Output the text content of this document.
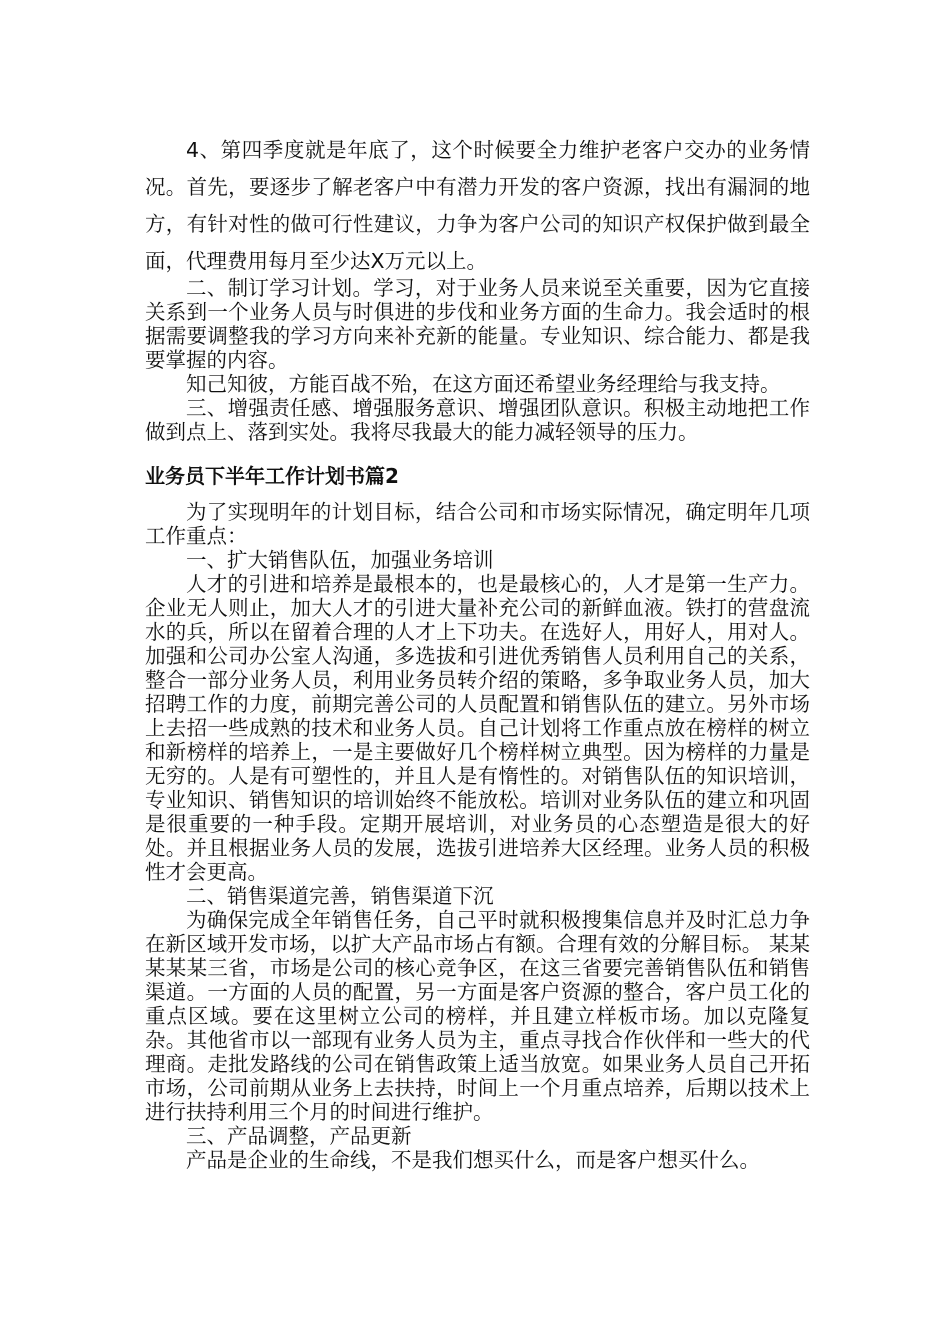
4、第四季度就是年底了，这个时候要全力维护老客户交办的业务情况。首先，要逐步了解老客户中有潜力开发的客户资源，找出有漏洞的地方，有针对性的做可行性建议，力争为客户公司的知识产权保护做到最全面，代理费用每月至少达X万元以上。

二、制订学习计划。学习，对于业务人员来说至关重要，因为它直接关系到一个业务人员与时俱进的步伐和业务方面的生命力。我会适时的根据需要调整我的学习方向来补充新的能量。专业知识、综合能力、都是我要掌握的内容。

知己知彼，方能百战不殆，在这方面还希望业务经理给与我支持。

三、增强责任感、增强服务意识、增强团队意识。积极主动地把工作做到点上、落到实处。我将尽我最大的能力减轻领导的压力。

业务员下半年工作计划书篇2

为了实现明年的计划目标，结合公司和市场实际情况，确定明年几项工作重点：

一、扩大销售队伍，加强业务培训

人才的引进和培养是最根本的，也是最核心的，人才是第一生产力。企业无人则止，加大人才的引进大量补充公司的新鲜血液。铁打的营盘流水的兵，所以在留着合理的人才上下功夫。在选好人，用好人，用对人。加强和公司办公室人沟通，多选拔和引进优秀销售人员利用自己的关系，整合一部分业务人员，利用业务员转介绍的策略，多争取业务人员，加大招聘工作的力度，前期完善公司的人员配置和销售队伍的建立。另外市场上去招一些成熟的技术和业务人员。自己计划将工作重点放在榜样的树立和新榜样的培养上，一是主要做好几个榜样树立典型。因为榜样的力量是无穷的。人是有可塑性的，并且人是有惰性的。对销售队伍的知识培训，专业知识、销售知识的培训始终不能放松。培训对业务队伍的建立和巩固是很重要的一种手段。定期开展培训，对业务员的心态塑造是很大的好处。并且根据业务人员的发展，选拔引进培养大区经理。业务人员的积极性才会更高。

二、销售渠道完善，销售渠道下沉

为确保完成全年销售任务，自己平时就积极搜集信息并及时汇总力争在新区域开发市场，以扩大产品市场占有额。合理有效的分解目标。 某某某某某三省，市场是公司的核心竞争区，在这三省要完善销售队伍和销售渠道。一方面的人员的配置，另一方面是客户资源的整合，客户员工化的重点区域。要在这里树立公司的榜样，并且建立样板市场。加以克隆复杂。其他省市以一部现有业务人员为主，重点寻找合作伙伴和一些大的代理商。走批发路线的公司在销售政策上适当放宽。如果业务人员自己开拓市场，公司前期从业务上去扶持，时间上一个月重点培养，后期以技术上进行扶持利用三个月的时间进行维护。

三、产品调整，产品更新

产品是企业的生命线，不是我们想买什么，而是客户想买什么。
